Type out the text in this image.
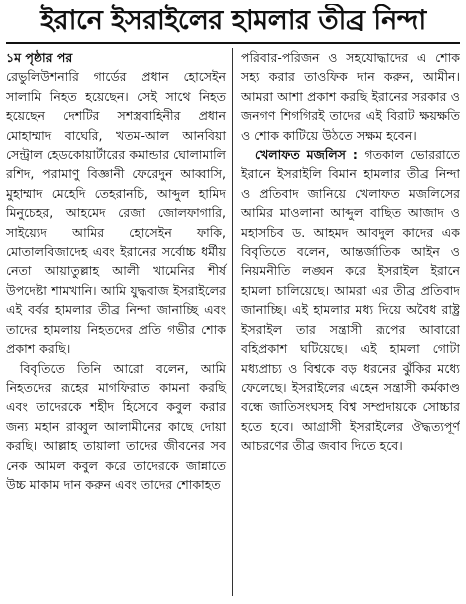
ইরানে ইসরাইলের হামলার তীব্র নিন্দা

১ম পৃষ্ঠার পর
রেভুলিউশনারি গার্ডের প্রধান হোসেইন সালামি নিহত হয়েছেন। সেই সাথে নিহত হয়েছেন দেশটির সশস্ত্রবাহিনীর প্রধান মোহাম্মাদ বাঘেরি, খতম-আল আনবিয়া সেন্ট্রাল হেডকোয়ার্টারের কমান্ডার ঘোলামালি রশিদ, পরামাণু বিজ্ঞানী ফেরেদুন আব্বাসি, মুহাম্মাদ মেহেদি তেহরানচি, আব্দুল হামিদ মিনুচেহর, আহমেদ রেজা জোলফাগারি, সাইয়্যেদ আমির হোসেইন ফাকি, মোতালবিজাদেহ এবং ইরানের সর্বোচ্চ ধর্মীয় নেতা আয়াতুল্লাহ আলী খামেনির শীর্ষ উপদেষ্টা শামখানি। আমি যুদ্ধবাজ ইসরাইলের এই বর্বর হামলার তীব্র নিন্দা জানাচ্ছি এবং তাদের হামলায় নিহতদের প্রতি গভীর শোক প্রকাশ করছি।

বিবৃতিতে তিনি আরো বলেন, আমি নিহতদের রূহের মাগফিরাত কামনা করছি এবং তাদেরকে শহীদ হিসেবে কবুল করার জন্য মহান রাব্বুল আলামীনের কাছে দোয়া করছি। আল্লাহ তায়ালা তাদের জীবনের সব নেক আমল কবুল করে তাদেরকে জান্নাতে উচ্চ মাকাম দান করুন এবং তাদের শোকাহত

পরিবার-পরিজন ও সহযোদ্ধাদের এ শোক সহ্য করার তাওফিক দান করুন, আমীন। আমরা আশা প্রকাশ করছি ইরানের সরকার ও জনগণ শিগগিরই তাদের এই বিরাট ক্ষয়ক্ষতি ও শোক কাটিয়ে উঠতে সক্ষম হবেন।

খেলাফত মজলিস : গতকাল ভোররাতে ইরানে ইসরাইলি বিমান হামলার তীব্র নিন্দা ও প্রতিবাদ জানিয়ে খেলাফত মজলিসের আমির মাওলানা আব্দুল বাছিত আজাদ ও মহাসচিব ড. আহমদ আবদুল কাদের এক বিবৃতিতে বলেন, আন্তর্জাতিক আইন ও নিয়মনীতি লঙ্ঘন করে ইসরাইল ইরানে হামলা চালিয়েছে। আমরা এর তীব্র প্রতিবাদ জানাচ্ছি। এই হামলার মধ্য দিয়ে অবৈধ রাষ্ট্র ইসরাইল তার সন্ত্রাসী রূপের আবারো বহিপ্রকাশ ঘটিয়েছে। এই হামলা গোটা মধ্যপ্রাচ্য ও বিশ্বকে বড় ধরনের ঝুঁকির মধ্যে ফেলেছে। ইসরাইলের এহেন সন্ত্রাসী কর্মকাণ্ড বন্ধে জাতিসংঘসহ বিশ্ব সম্প্রদায়কে সোচ্চার হতে হবে। আগ্রাসী ইসরাইলের ঔদ্ধত্যপূর্ণ আচরণের তীব্র জবাব দিতে হবে।
